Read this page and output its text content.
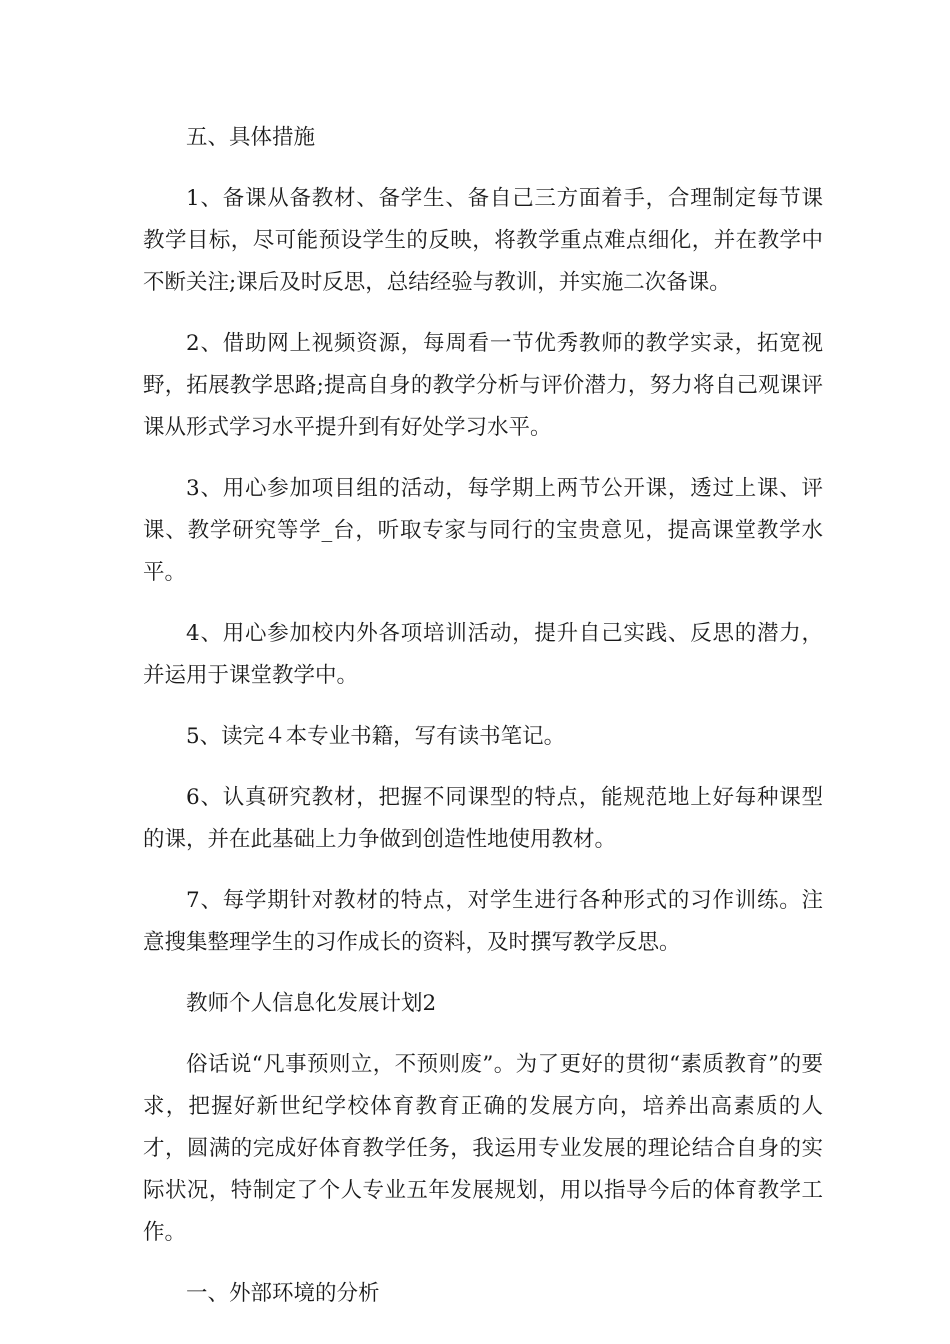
五、具体措施

1、备课从备教材、备学生、备自己三方面着手，合理制定每节课教学目标，尽可能预设学生的反映，将教学重点难点细化，并在教学中不断关注;课后及时反思，总结经验与教训，并实施二次备课。

2、借助网上视频资源，每周看一节优秀教师的教学实录，拓宽视野，拓展教学思路;提高自身的教学分析与评价潜力，努力将自己观课评课从形式学习水平提升到有好处学习水平。

3、用心参加项目组的活动，每学期上两节公开课，透过上课、评课、教学研究等学_台，听取专家与同行的宝贵意见，提高课堂教学水平。

4、用心参加校内外各项培训活动，提升自己实践、反思的潜力，并运用于课堂教学中。

5、读完４本专业书籍，写有读书笔记。

6、认真研究教材，把握不同课型的特点，能规范地上好每种课型的课，并在此基础上力争做到创造性地使用教材。

7、每学期针对教材的特点，对学生进行各种形式的习作训练。注意搜集整理学生的习作成长的资料，及时撰写教学反思。

教师个人信息化发展计划2

俗话说“凡事预则立，不预则废”。为了更好的贯彻“素质教育”的要求，把握好新世纪学校体育教育正确的发展方向，培养出高素质的人才，圆满的完成好体育教学任务，我运用专业发展的理论结合自身的实际状况，特制定了个人专业五年发展规划，用以指导今后的体育教学工作。

一、外部环境的分析
